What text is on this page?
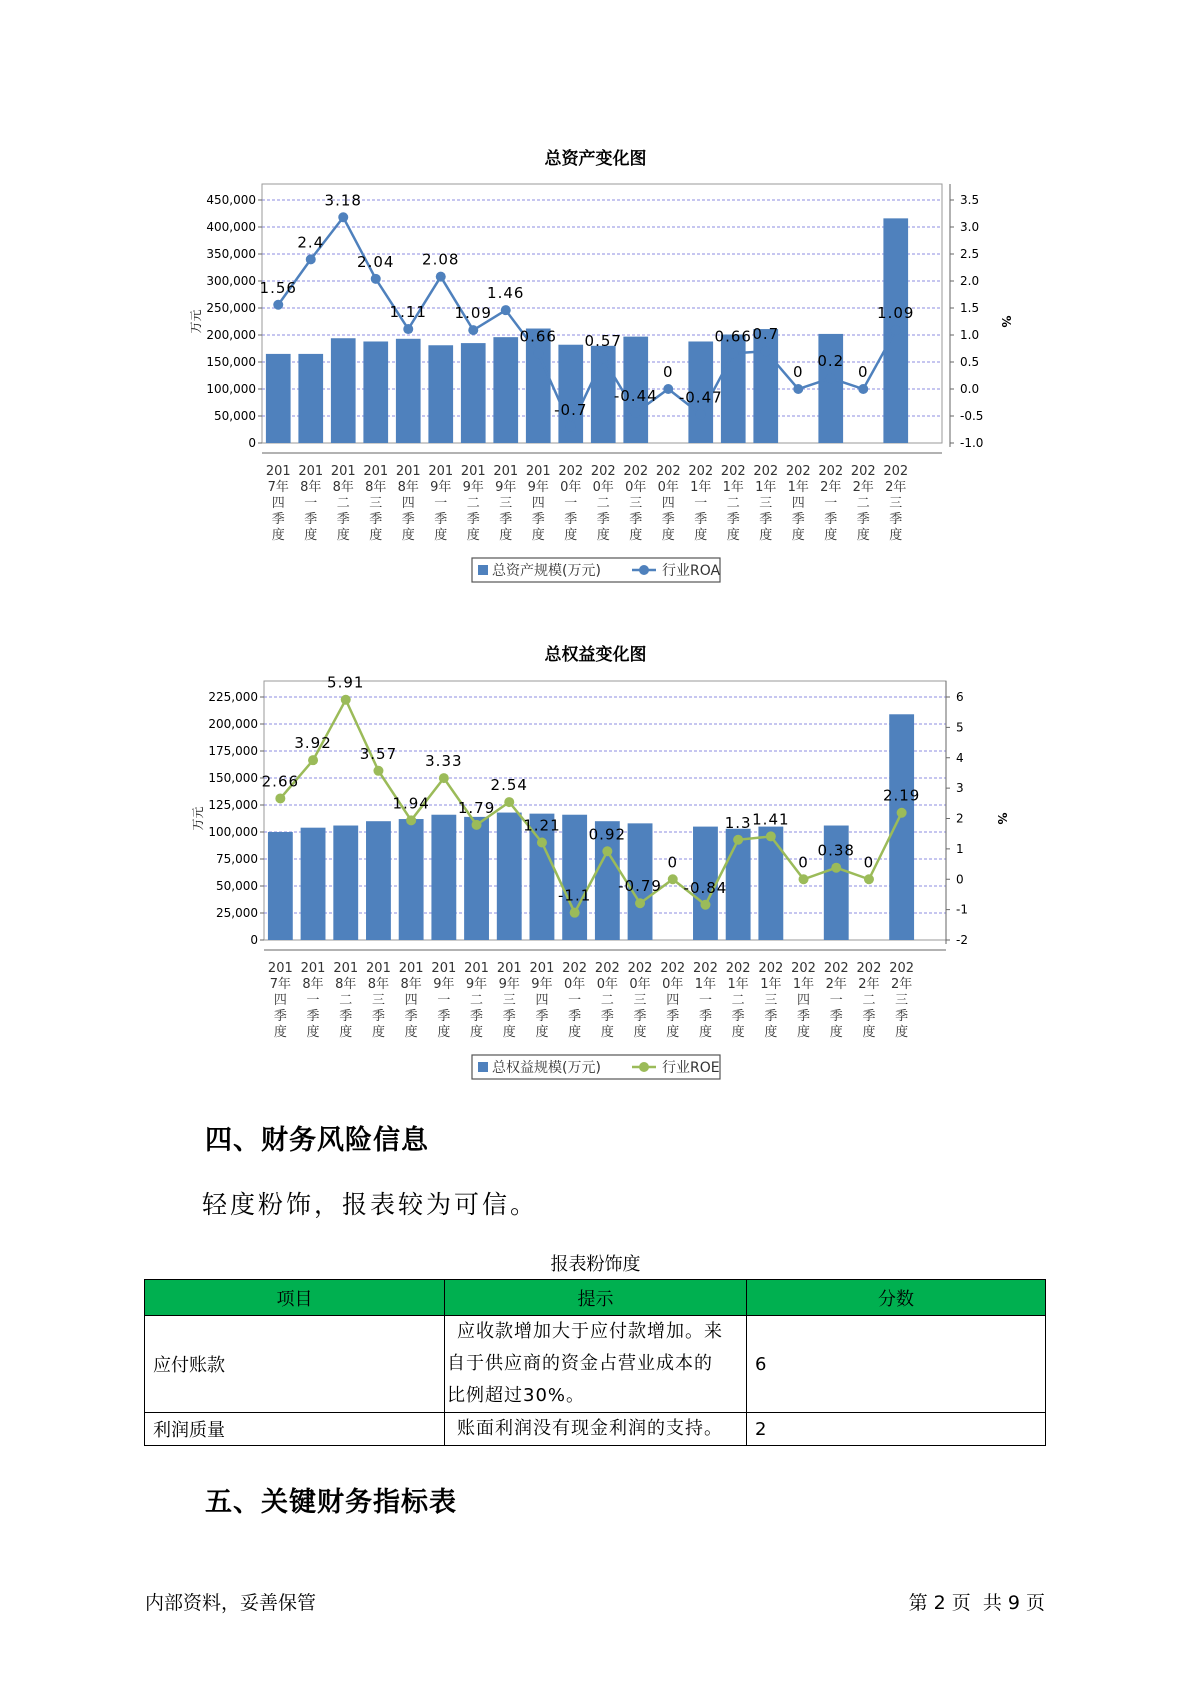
总资产变化图
0
50,000
100,000
150,000
200,000
250,000
300,000
350,000
400,000
450,000
-1.0
-0.5
0.0
0.5
1.0
1.5
2.0
2.5
3.0
3.5
万元	%
201 7年四季度
201 8年一季度
201 8年二季度
201 8年三季度
201 8年四季度
201 9年一季度
201 9年二季度
201 9年三季度
201 9年四季度
202 0年一季度
202 0年二季度
202 0年三季度
202 0年四季度
202 1年一季度
202 1年二季度
202 1年三季度
202 1年四季度
202 2年一季度
202 2年二季度
202 2年三季度
1.56
2.4
3.18
2.04
1.11
2.08
1.09
1.46
0.66
-0.7
0.57
-0.44
0
-0.47
0.66 0.7
0
0.2
0
1.09
总资产规模(万元)	行业ROA
总权益变化图
0
25,000
50,000
75,000
100,000
125,000
150,000
175,000
200,000
225,000
-2
-1
0
1
2
3
4
5
6
万元	%
201 7年四季度
201 8年一季度
201 8年二季度
201 8年三季度
201 8年四季度
201 9年一季度
201 9年二季度
201 9年三季度
201 9年四季度
202 0年一季度
202 0年二季度
202 0年三季度
202 0年四季度
202 1年一季度
202 1年二季度
202 1年三季度
202 1年四季度
202 2年一季度
202 2年二季度
202 2年三季度
2.66
3.92
5.91
3.57
1.94
3.33
1.79
2.54
1.21
-1.1
0.92
-0.79
0
-0.84
1.3 1.41
0
0.38
0
2.19
总权益规模(万元)	行业ROE
四、财务风险信息
轻度粉饰，报表较为可信。
报表粉饰度
项目	提示	分数
应付账款	应收款增加大于应付款增加。来
自于供应商的资金占营业成本的
比例超过30%。	6
利润质量	账面利润没有现金利润的支持。	2
五、关键财务指标表
内部资料，妥善保管	第 2 页  共 9 页
